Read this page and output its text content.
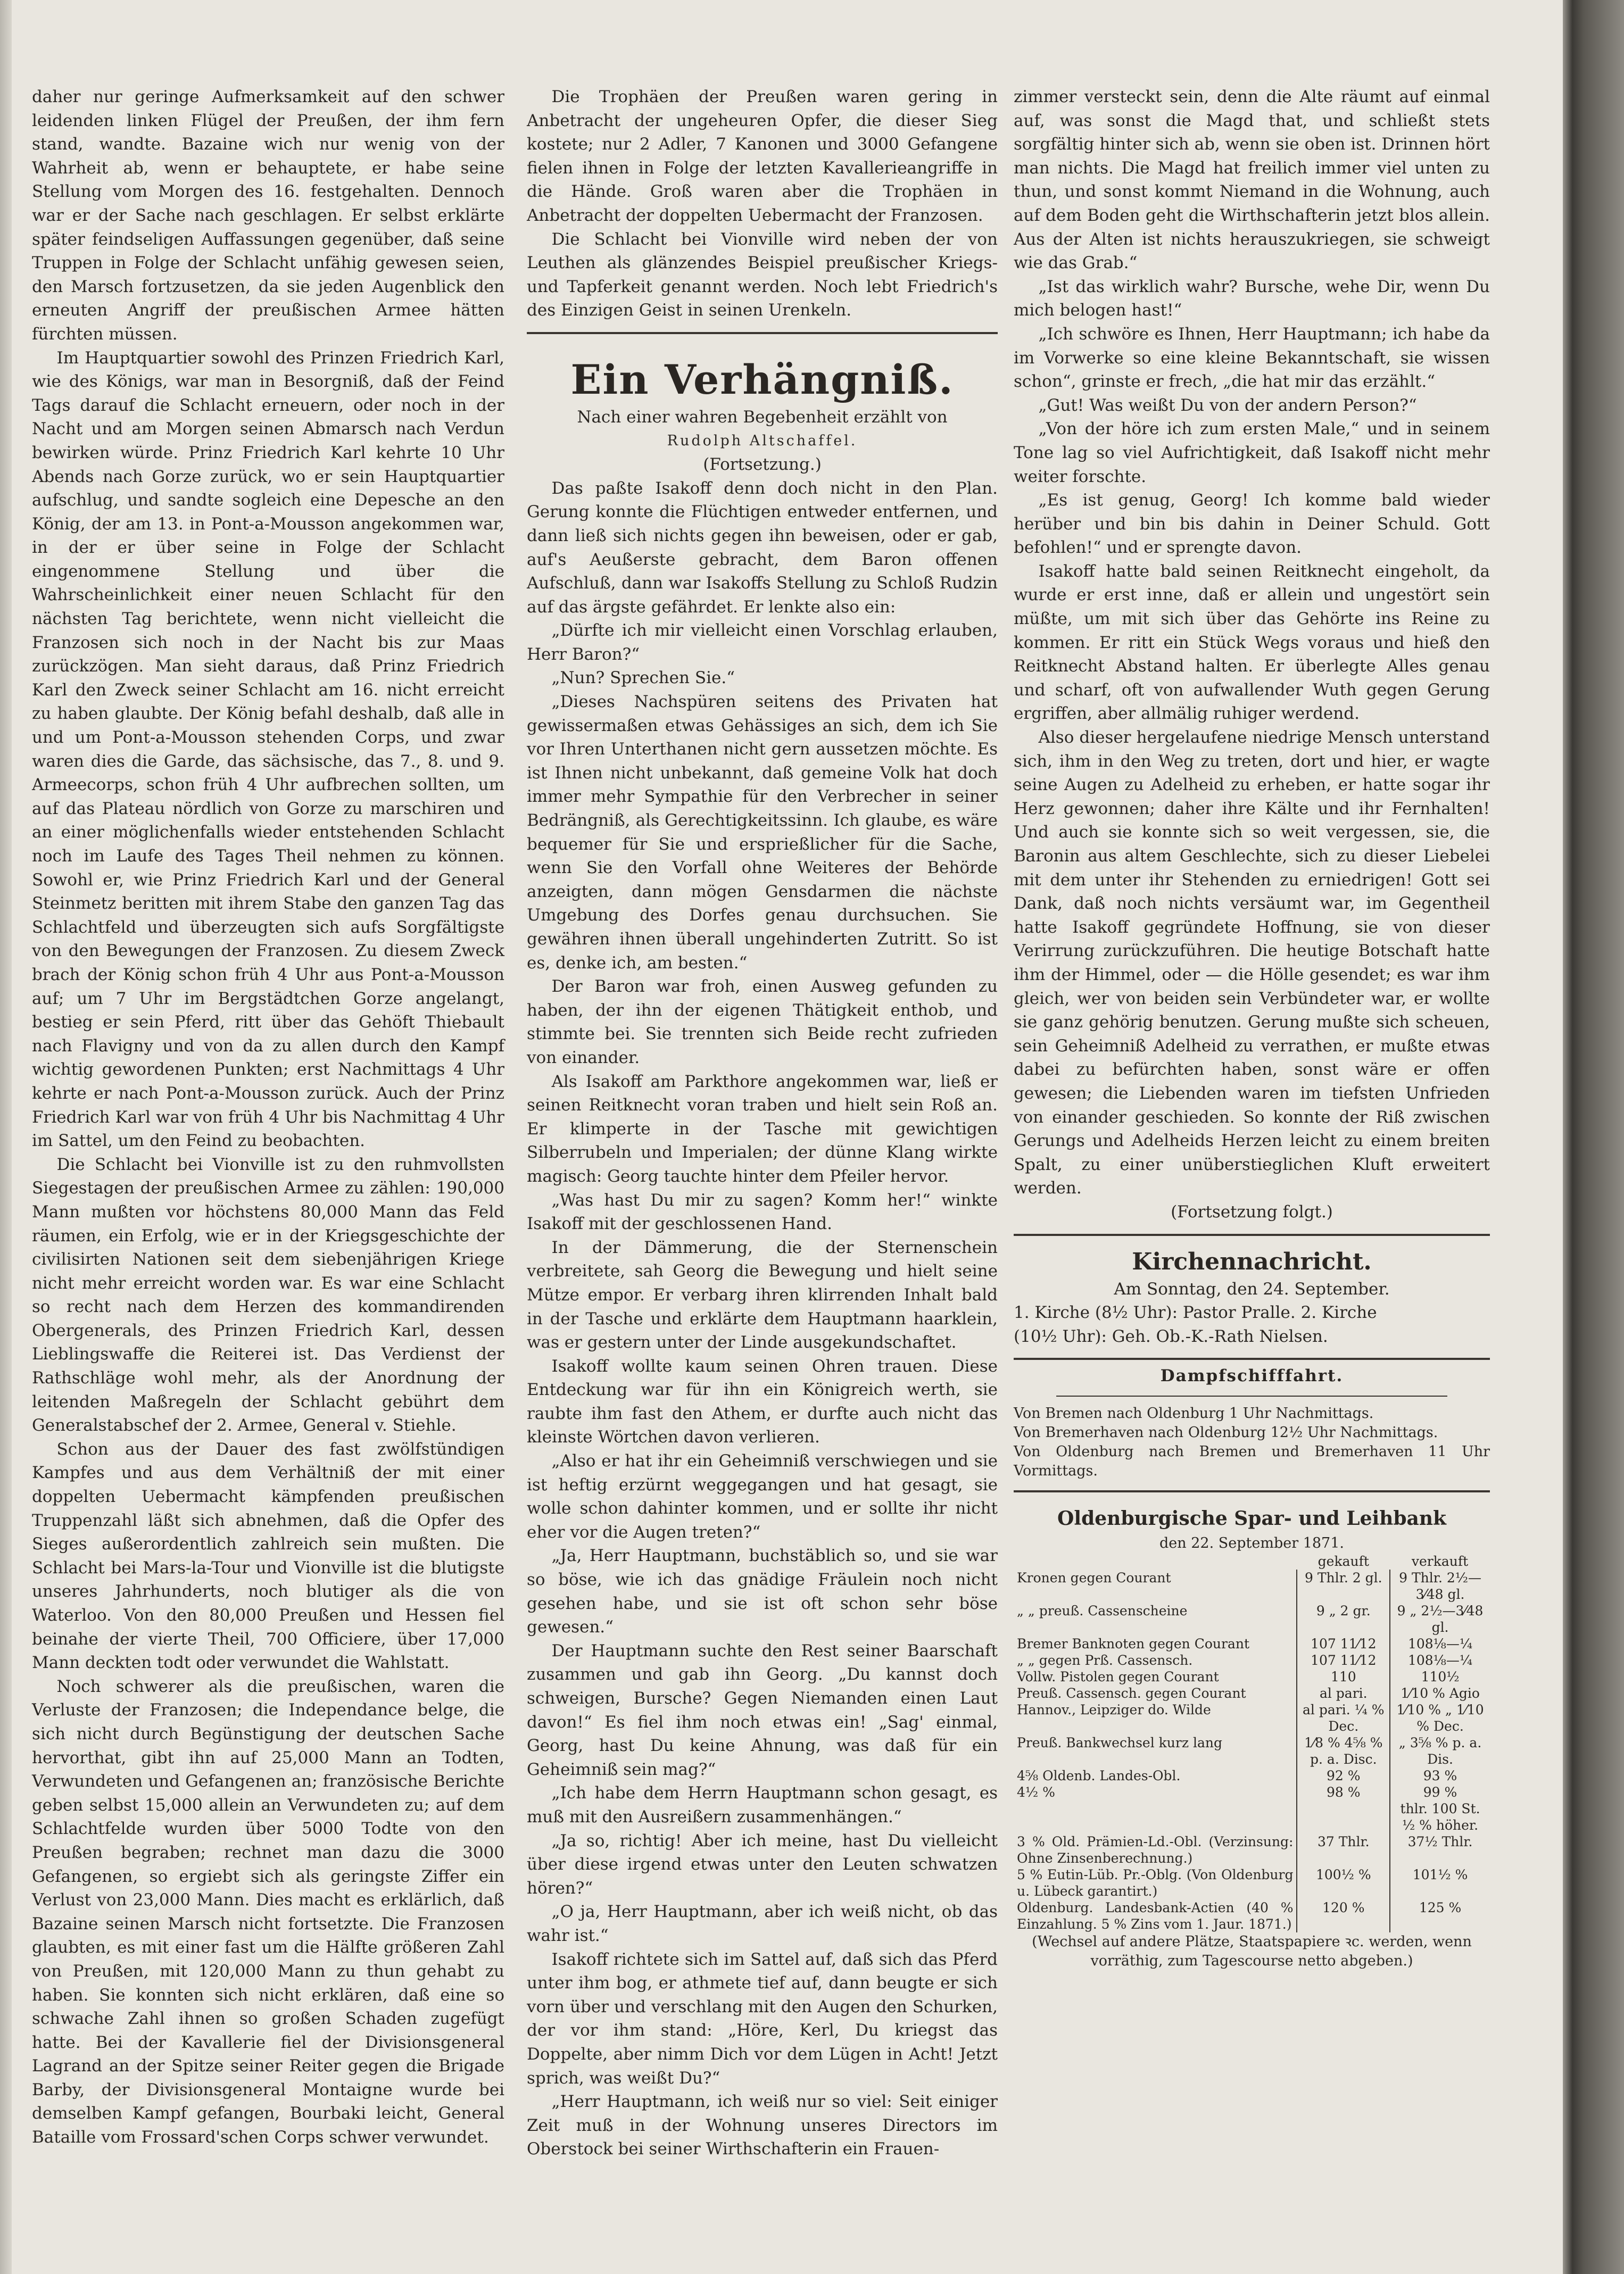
daher nur geringe Aufmerksamkeit auf den schwer leidenden linken Flügel der Preußen, der ihm fern stand, wandte. Bazaine wich nur wenig von der Wahrheit ab, wenn er behauptete, er habe seine Stellung vom Morgen des 16. festgehalten. Dennoch war er der Sache nach geschlagen. Er selbst erklärte später feindseligen Auffassungen gegenüber, daß seine Truppen in Folge der Schlacht unfähig gewesen seien, den Marsch fortzusetzen, da sie jeden Augenblick den erneuten Angriff der preußischen Armee hätten fürchten müssen.

Im Hauptquartier sowohl des Prinzen Friedrich Karl, wie des Königs, war man in Besorgniß, daß der Feind Tags darauf die Schlacht erneuern, oder noch in der Nacht und am Morgen seinen Abmarsch nach Verdun bewirken würde. Prinz Friedrich Karl kehrte 10 Uhr Abends nach Gorze zurück, wo er sein Hauptquartier aufschlug, und sandte sogleich eine Depesche an den König, der am 13. in Pont-a-Mousson angekommen war, in der er über seine in Folge der Schlacht eingenommene Stellung und über die Wahrscheinlichkeit einer neuen Schlacht für den nächsten Tag berichtete, wenn nicht vielleicht die Franzosen sich noch in der Nacht bis zur Maas zurückzögen. Man sieht daraus, daß Prinz Friedrich Karl den Zweck seiner Schlacht am 16. nicht erreicht zu haben glaubte. Der König befahl deshalb, daß alle in und um Pont-a-Mousson stehenden Corps, und zwar waren dies die Garde, das sächsische, das 7., 8. und 9. Armeecorps, schon früh 4 Uhr aufbrechen sollten, um auf das Plateau nördlich von Gorze zu marschiren und an einer möglichenfalls wieder entstehenden Schlacht noch im Laufe des Tages Theil nehmen zu können. Sowohl er, wie Prinz Friedrich Karl und der General Steinmetz beritten mit ihrem Stabe den ganzen Tag das Schlachtfeld und überzeugten sich aufs Sorgfältigste von den Bewegungen der Franzosen. Zu diesem Zweck brach der König schon früh 4 Uhr aus Pont-a-Mousson auf; um 7 Uhr im Bergstädtchen Gorze angelangt, bestieg er sein Pferd, ritt über das Gehöft Thiebault nach Flavigny und von da zu allen durch den Kampf wichtig gewordenen Punkten; erst Nachmittags 4 Uhr kehrte er nach Pont-a-Mousson zurück. Auch der Prinz Friedrich Karl war von früh 4 Uhr bis Nachmittag 4 Uhr im Sattel, um den Feind zu beobachten.

Die Schlacht bei Vionville ist zu den ruhmvollsten Siegestagen der preußischen Armee zu zählen: 190,000 Mann mußten vor höchstens 80,000 Mann das Feld räumen, ein Erfolg, wie er in der Kriegsgeschichte der civilisirten Nationen seit dem siebenjährigen Kriege nicht mehr erreicht worden war. Es war eine Schlacht so recht nach dem Herzen des kommandirenden Obergenerals, des Prinzen Friedrich Karl, dessen Lieblingswaffe die Reiterei ist. Das Verdienst der Rathschläge wohl mehr, als der Anordnung der leitenden Maßregeln der Schlacht gebührt dem Generalstabschef der 2. Armee, General v. Stiehle.

Schon aus der Dauer des fast zwölfstündigen Kampfes und aus dem Verhältniß der mit einer doppelten Uebermacht kämpfenden preußischen Truppenzahl läßt sich abnehmen, daß die Opfer des Sieges außerordentlich zahlreich sein mußten. Die Schlacht bei Mars-la-Tour und Vionville ist die blutigste unseres Jahrhunderts, noch blutiger als die von Waterloo. Von den 80,000 Preußen und Hessen fiel beinahe der vierte Theil, 700 Officiere, über 17,000 Mann deckten todt oder verwundet die Wahlstatt.

Noch schwerer als die preußischen, waren die Verluste der Franzosen; die Independance belge, die sich nicht durch Begünstigung der deutschen Sache hervorthat, gibt ihn auf 25,000 Mann an Todten, Verwundeten und Gefangenen an; französische Berichte geben selbst 15,000 allein an Verwundeten zu; auf dem Schlachtfelde wurden über 5000 Todte von den Preußen begraben; rechnet man dazu die 3000 Gefangenen, so ergiebt sich als geringste Ziffer ein Verlust von 23,000 Mann. Dies macht es erklärlich, daß Bazaine seinen Marsch nicht fortsetzte. Die Franzosen glaubten, es mit einer fast um die Hälfte größeren Zahl von Preußen, mit 120,000 Mann zu thun gehabt zu haben. Sie konnten sich nicht erklären, daß eine so schwache Zahl ihnen so großen Schaden zugefügt hatte. Bei der Kavallerie fiel der Divisionsgeneral Lagrand an der Spitze seiner Reiter gegen die Brigade Barby, der Divisionsgeneral Montaigne wurde bei demselben Kampf gefangen, Bourbaki leicht, General Bataille vom Frossard'schen Corps schwer verwundet.

Die Trophäen der Preußen waren gering in Anbetracht der ungeheuren Opfer, die dieser Sieg kostete; nur 2 Adler, 7 Kanonen und 3000 Gefangene fielen ihnen in Folge der letzten Kavallerieangriffe in die Hände. Groß waren aber die Trophäen in Anbetracht der doppelten Uebermacht der Franzosen.

Die Schlacht bei Vionville wird neben der von Leuthen als glänzendes Beispiel preußischer Kriegs- und Tapferkeit genannt werden. Noch lebt Friedrich's des Einzigen Geist in seinen Urenkeln.

Ein Verhängniß.

Nach einer wahren Begebenheit erzählt von

Rudolph Altschaffel.

(Fortsetzung.)

Das paßte Isakoff denn doch nicht in den Plan. Gerung konnte die Flüchtigen entweder entfernen, und dann ließ sich nichts gegen ihn beweisen, oder er gab, auf's Aeußerste gebracht, dem Baron offenen Aufschluß, dann war Isakoffs Stellung zu Schloß Rudzin auf das ärgste gefährdet. Er lenkte also ein:

„Dürfte ich mir vielleicht einen Vorschlag erlauben, Herr Baron?“

„Nun? Sprechen Sie.“

„Dieses Nachspüren seitens des Privaten hat gewissermaßen etwas Gehässiges an sich, dem ich Sie vor Ihren Unterthanen nicht gern aussetzen möchte. Es ist Ihnen nicht unbekannt, daß gemeine Volk hat doch immer mehr Sympathie für den Verbrecher in seiner Bedrängniß, als Gerechtigkeitssinn. Ich glaube, es wäre bequemer für Sie und ersprießlicher für die Sache, wenn Sie den Vorfall ohne Weiteres der Behörde anzeigten, dann mögen Gensdarmen die nächste Umgebung des Dorfes genau durchsuchen. Sie gewähren ihnen überall ungehinderten Zutritt. So ist es, denke ich, am besten.“

Der Baron war froh, einen Ausweg gefunden zu haben, der ihn der eigenen Thätigkeit enthob, und stimmte bei. Sie trennten sich Beide recht zufrieden von einander.

Als Isakoff am Parkthore angekommen war, ließ er seinen Reitknecht voran traben und hielt sein Roß an. Er klimperte in der Tasche mit gewichtigen Silberrubeln und Imperialen; der dünne Klang wirkte magisch: Georg tauchte hinter dem Pfeiler hervor.

„Was hast Du mir zu sagen? Komm her!“ winkte Isakoff mit der geschlossenen Hand.

In der Dämmerung, die der Sternenschein verbreitete, sah Georg die Bewegung und hielt seine Mütze empor. Er verbarg ihren klirrenden Inhalt bald in der Tasche und erklärte dem Hauptmann haarklein, was er gestern unter der Linde ausgekundschaftet.

Isakoff wollte kaum seinen Ohren trauen. Diese Entdeckung war für ihn ein Königreich werth, sie raubte ihm fast den Athem, er durfte auch nicht das kleinste Wörtchen davon verlieren.

„Also er hat ihr ein Geheimniß verschwiegen und sie ist heftig erzürnt weggegangen und hat gesagt, sie wolle schon dahinter kommen, und er sollte ihr nicht eher vor die Augen treten?“

„Ja, Herr Hauptmann, buchstäblich so, und sie war so böse, wie ich das gnädige Fräulein noch nicht gesehen habe, und sie ist oft schon sehr böse gewesen.“

Der Hauptmann suchte den Rest seiner Baarschaft zusammen und gab ihn Georg. „Du kannst doch schweigen, Bursche? Gegen Niemanden einen Laut davon!“ Es fiel ihm noch etwas ein! „Sag' einmal, Georg, hast Du keine Ahnung, was daß für ein Geheimniß sein mag?“

„Ich habe dem Herrn Hauptmann schon gesagt, es muß mit den Ausreißern zusammenhängen.“

„Ja so, richtig! Aber ich meine, hast Du vielleicht über diese irgend etwas unter den Leuten schwatzen hören?“

„O ja, Herr Hauptmann, aber ich weiß nicht, ob das wahr ist.“

Isakoff richtete sich im Sattel auf, daß sich das Pferd unter ihm bog, er athmete tief auf, dann beugte er sich vorn über und verschlang mit den Augen den Schurken, der vor ihm stand: „Höre, Kerl, Du kriegst das Doppelte, aber nimm Dich vor dem Lügen in Acht! Jetzt sprich, was weißt Du?“

„Herr Hauptmann, ich weiß nur so viel: Seit einiger Zeit muß in der Wohnung unseres Directors im Oberstock bei seiner Wirthschafterin ein Frauen-

zimmer versteckt sein, denn die Alte räumt auf einmal auf, was sonst die Magd that, und schließt stets sorgfältig hinter sich ab, wenn sie oben ist. Drinnen hört man nichts. Die Magd hat freilich immer viel unten zu thun, und sonst kommt Niemand in die Wohnung, auch auf dem Boden geht die Wirthschafterin jetzt blos allein. Aus der Alten ist nichts herauszukriegen, sie schweigt wie das Grab.“

„Ist das wirklich wahr? Bursche, wehe Dir, wenn Du mich belogen hast!“

„Ich schwöre es Ihnen, Herr Hauptmann; ich habe da im Vorwerke so eine kleine Bekanntschaft, sie wissen schon“, grinste er frech, „die hat mir das erzählt.“

„Gut! Was weißt Du von der andern Person?“

„Von der höre ich zum ersten Male,“ und in seinem Tone lag so viel Aufrichtigkeit, daß Isakoff nicht mehr weiter forschte.

„Es ist genug, Georg! Ich komme bald wieder herüber und bin bis dahin in Deiner Schuld. Gott befohlen!“ und er sprengte davon.

Isakoff hatte bald seinen Reitknecht eingeholt, da wurde er erst inne, daß er allein und ungestört sein müßte, um mit sich über das Gehörte ins Reine zu kommen. Er ritt ein Stück Wegs voraus und hieß den Reitknecht Abstand halten. Er überlegte Alles genau und scharf, oft von aufwallender Wuth gegen Gerung ergriffen, aber allmälig ruhiger werdend.

Also dieser hergelaufene niedrige Mensch unterstand sich, ihm in den Weg zu treten, dort und hier, er wagte seine Augen zu Adelheid zu erheben, er hatte sogar ihr Herz gewonnen; daher ihre Kälte und ihr Fernhalten! Und auch sie konnte sich so weit vergessen, sie, die Baronin aus altem Geschlechte, sich zu dieser Liebelei mit dem unter ihr Stehenden zu erniedrigen! Gott sei Dank, daß noch nichts versäumt war, im Gegentheil hatte Isakoff gegründete Hoffnung, sie von dieser Verirrung zurückzuführen. Die heutige Botschaft hatte ihm der Himmel, oder — die Hölle gesendet; es war ihm gleich, wer von beiden sein Verbündeter war, er wollte sie ganz gehörig benutzen. Gerung mußte sich scheuen, sein Geheimniß Adelheid zu verrathen, er mußte etwas dabei zu befürchten haben, sonst wäre er offen gewesen; die Liebenden waren im tiefsten Unfrieden von einander geschieden. So konnte der Riß zwischen Gerungs und Adelheids Herzen leicht zu einem breiten Spalt, zu einer unüberstieglichen Kluft erweitert werden.

(Fortsetzung folgt.)

Kirchennachricht.

Am Sonntag, den 24. September.

1. Kirche (8½ Uhr): Pastor Pralle. 2. Kirche

(10½ Uhr): Geh. Ob.-K.-Rath Nielsen.

Dampfschifffahrt.

Von Bremen nach Oldenburg 1 Uhr Nachmittags.

Von Bremerhaven nach Oldenburg 12½ Uhr Nachmittags.

Von Oldenburg nach Bremen und Bremerhaven 11 Uhr Vormittags.

Oldenburgische Spar- und Leihbank

den 22. September 1871.

	gekauft	verkauft
Kronen gegen Courant	9 Thlr. 2 gl.	9 Thlr. 2½—3⁄48 gl.
„ „ preuß. Cassenscheine	9 „ 2 gr.	9 „ 2½—3⁄48 gl.
Bremer Banknoten gegen Courant	107 11⁄12	108⅛—¼
„ „ gegen Prß. Cassensch.	107 11⁄12	108⅛—¼
Vollw. Pistolen gegen Courant	110	110½
Preuß. Cassensch. gegen Courant	al pari.	1⁄10 % Agio
Hannov., Leipziger do. Wilde	al pari. ¼ % Dec.	1⁄10 % „ 1⁄10 % Dec.
Preuß. Bankwechsel kurz lang	1⁄8 % 4⅝ % p. a. Disc.	„ 3⅝ % p. a. Dis.
4⅝ Oldenb. Landes-Obl.	92 %	93 %
4½ %	98 %	99 %
		thlr. 100 St. ½ % höher.
3 % Old. Prämien-Ld.-Obl. (Verzinsung: Ohne Zinsenberechnung.)	37 Thlr.	37½ Thlr.
5 % Eutin-Lüb. Pr.-Oblg. (Von Oldenburg u. Lübeck garantirt.)	100½ %	101½ %
Oldenburg. Landesbank-Actien (40 % Einzahlung. 5 % Zins vom 1. Jaur. 1871.)	120 %	125 %

(Wechsel auf andere Plätze, Staatspapiere ꝛc. werden, wenn vorräthig, zum Tagescourse netto abgeben.)
